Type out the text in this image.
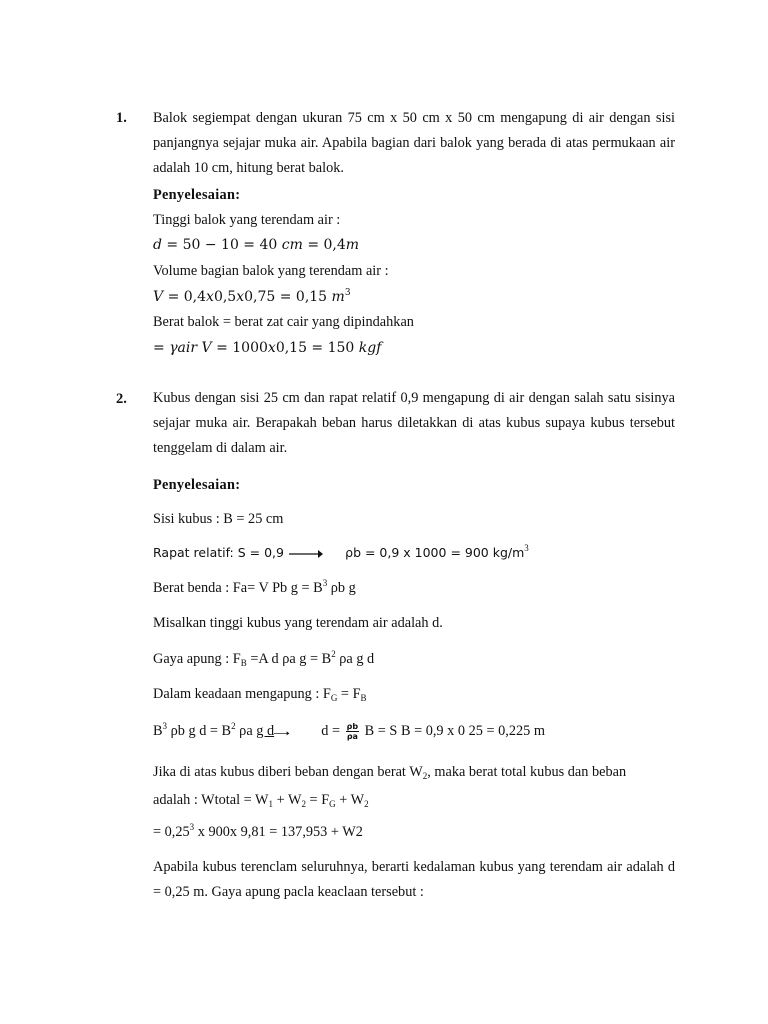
1. Balok segiempat dengan ukuran 75 cm x 50 cm x 50 cm mengapung di air dengan sisi panjangnya sejajar muka air. Apabila bagian dari balok yang berada di atas permukaan air adalah 10 cm, hitung berat balok.
Penyelesaian:
Tinggi balok yang terendam air :
d = 50 − 10 = 40 cm = 0,4m
Volume bagian balok yang terendam air :
V = 0,4x0,5x0,75 = 0,15 $m^3$
Berat balok = berat zat cair yang dipindahkan
= γair V = 1000x0,15 = 150 kgf
2. Kubus dengan sisi 25 cm dan rapat relatif 0,9 mengapung di air dengan salah satu sisinya sejajar muka air. Berapakah beban harus diletakkan di atas kubus supaya kubus tersebut tenggelam di dalam air.
Penyelesaian:
Sisi kubus : B = 25 cm
Rapat relatif: S = 0,9	ρb = 0,9 x 1000 = 900 $kg/m^3$
Berat benda : Fa= V Pb $g = B^3$ ρb g
Misalkan tinggi kubus yang terendam air adalah d.
Gaya apung : $F_B =A$ d ρa $g = B^2$ ρa g d
Dalam keadaan mengapung : $F_G = F_B$
$B^3$ ρb g $d = B^2$ ρa g d	$d = \frac{\rho b}{\rho a}$ B = S B = 0,9 x 0 25 = 0,225 m
Jika di atas kubus diberi beban dengan berat $W_2$, maka berat total kubus dan beban
adalah : Wtotal = $W_1 + W_2 = F_G + W_2$
= $0,25^3$ x 900x 9,81 = 137,953 + W2
Apabila kubus terenclam seluruhnya, berarti kedalaman kubus yang terendam air adalah d = 0,25 m. Gaya apung pacla keaclaan tersebut :
